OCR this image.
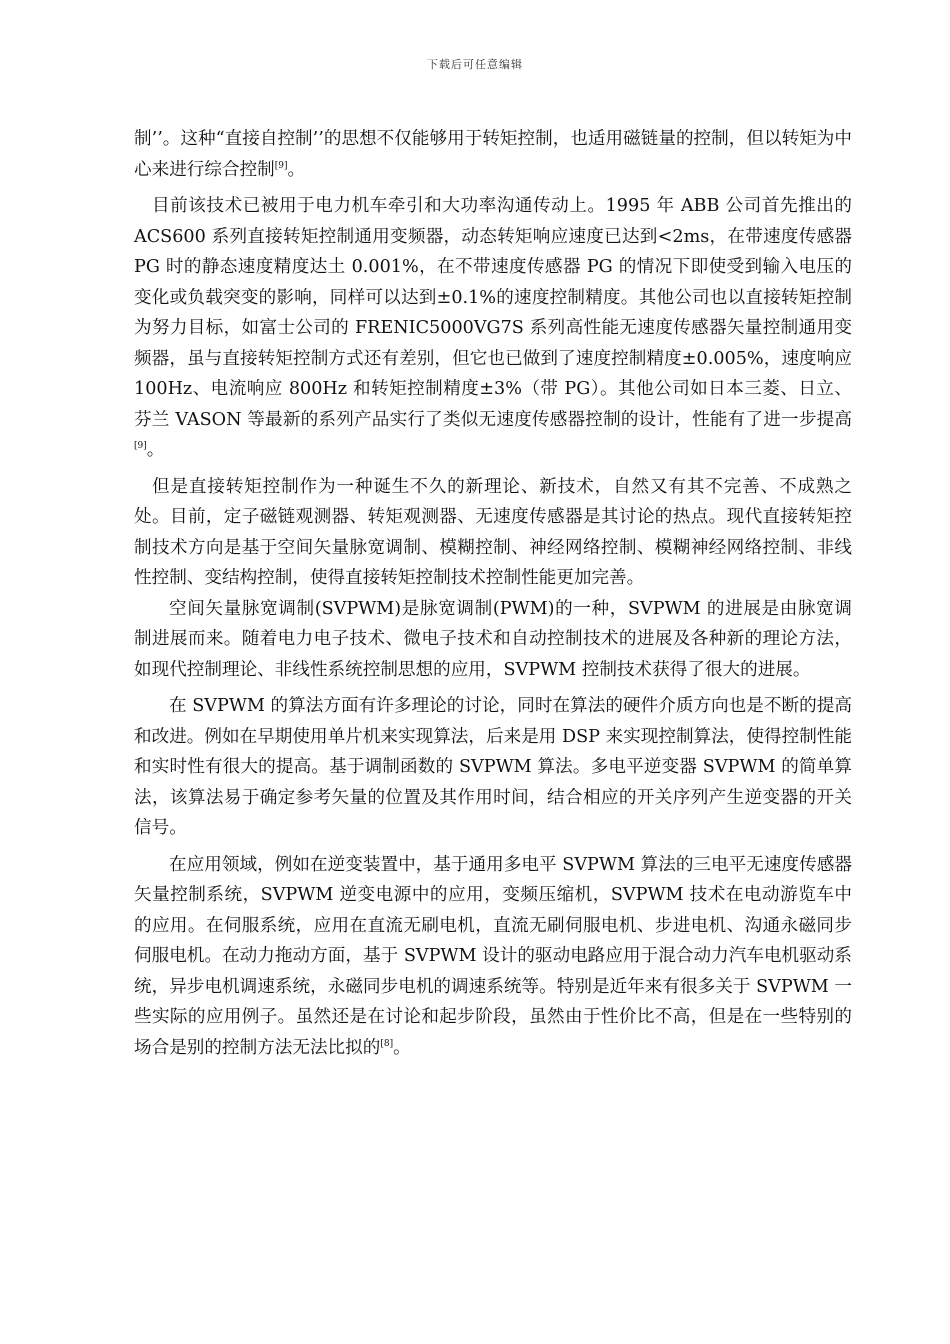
下载后可任意编辑

制’’。这种“直接自控制’’的思想不仅能够用于转矩控制，也适用磁链量的控制，但以转矩为中心来进行综合控制[9]。

目前该技术已被用于电力机车牵引和大功率沟通传动上。1995 年 ABB 公司首先推出的 ACS600 系列直接转矩控制通用变频器，动态转矩响应速度已达到<2ms，在带速度传感器 PG 时的静态速度精度达土 0.001%，在不带速度传感器 PG 的情况下即使受到输入电压的变化或负载突变的影响，同样可以达到±0.1%的速度控制精度。其他公司也以直接转矩控制为努力目标，如富士公司的 FRENIC5000VG7S 系列高性能无速度传感器矢量控制通用变频器，虽与直接转矩控制方式还有差别，但它也已做到了速度控制精度±0.005%，速度响应 100Hz、电流响应 800Hz 和转矩控制精度±3%（带 PG）。其他公司如日本三菱、日立、芬兰 VASON 等最新的系列产品实行了类似无速度传感器控制的设计，性能有了进一步提高[9]。

但是直接转矩控制作为一种诞生不久的新理论、新技术，自然又有其不完善、不成熟之处。目前，定子磁链观测器、转矩观测器、无速度传感器是其讨论的热点。现代直接转矩控制技术方向是基于空间矢量脉宽调制、模糊控制、神经网络控制、模糊神经网络控制、非线性控制、变结构控制，使得直接转矩控制技术控制性能更加完善。

空间矢量脉宽调制(SVPWM)是脉宽调制(PWM)的一种，SVPWM 的进展是由脉宽调制进展而来。随着电力电子技术、微电子技术和自动控制技术的进展及各种新的理论方法，如现代控制理论、非线性系统控制思想的应用，SVPWM 控制技术获得了很大的进展。

在 SVPWM 的算法方面有许多理论的讨论，同时在算法的硬件介质方向也是不断的提高和改进。例如在早期使用单片机来实现算法，后来是用 DSP 来实现控制算法，使得控制性能和实时性有很大的提高。基于调制函数的 SVPWM 算法。多电平逆变器 SVPWM 的简单算法，该算法易于确定参考矢量的位置及其作用时间，结合相应的开关序列产生逆变器的开关信号。

在应用领域，例如在逆变装置中，基于通用多电平 SVPWM 算法的三电平无速度传感器矢量控制系统，SVPWM 逆变电源中的应用，变频压缩机，SVPWM 技术在电动游览车中的应用。在伺服系统，应用在直流无刷电机，直流无刷伺服电机、步进电机、沟通永磁同步伺服电机。在动力拖动方面，基于 SVPWM 设计的驱动电路应用于混合动力汽车电机驱动系统，异步电机调速系统，永磁同步电机的调速系统等。特别是近年来有很多关于 SVPWM 一些实际的应用例子。虽然还是在讨论和起步阶段，虽然由于性价比不高，但是在一些特别的场合是别的控制方法无法比拟的[8]。
